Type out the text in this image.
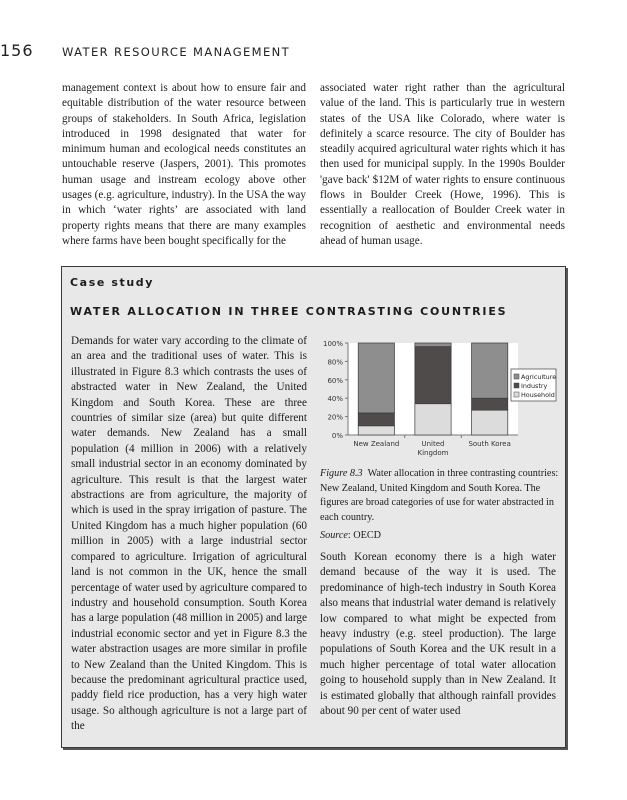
156	WATER RESOURCE MANAGEMENT

management context is about how to ensure fair and equitable distribution of the water resource between groups of stakeholders. In South Africa, legislation introduced in 1998 designated that water for minimum human and ecological needs constitutes an untouchable reserve (Jaspers, 2001). This promotes human usage and instream ecology above other usages (e.g. agriculture, industry). In the USA the way in which ‘water rights’ are associated with land property rights means that there are many examples where farms have been bought specifically for the

associated water right rather than the agricultural value of the land. This is particularly true in western states of the USA like Colorado, where water is definitely a scarce resource. The city of Boulder has steadily acquired agricultural water rights which it has then used for municipal supply. In the 1990s Boulder 'gave back' $12M of water rights to ensure continuous flows in Boulder Creek (Howe, 1996). This is essentially a reallocation of Boulder Creek water in recognition of aesthetic and environmental needs ahead of human usage.

Case study
WATER ALLOCATION IN THREE CONTRASTING COUNTRIES
Demands for water vary according to the climate of an area and the traditional uses of water. This is illustrated in Figure 8.3 which contrasts the uses of abstracted water in New Zealand, the United Kingdom and South Korea. These are three countries of similar size (area) but quite different water demands. New Zealand has a small population (4 million in 2006) with a relatively small industrial sector in an economy dominated by agriculture. This result is that the largest water abstractions are from agriculture, the majority of which is used in the spray irrigation of pasture. The United Kingdom has a much higher population (60 million in 2005) with a large industrial sector compared to agriculture. Irrigation of agricultural land is not common in the UK, hence the small percentage of water used by agriculture compared to industry and household consumption. South Korea has a large population (48 million in 2005) and large industrial economic sector and yet in Figure 8.3 the water abstraction usages are more similar in profile to New Zealand than the United Kingdom. This is because the predominant agricultural practice used, paddy field rice production, has a very high water usage. So although agriculture is not a large part of the
0%
20%
40%
60%
80%
100%
New Zealand	United
Kingdom
South Korea
Agriculture
Industry
Household
Figure 8.3 Water allocation in three contrasting countries: New Zealand, United Kingdom and South Korea. The figures are broad categories of use for water abstracted in each country.
Source: OECD
South Korean economy there is a high water demand because of the way it is used. The predominance of high-tech industry in South Korea also means that industrial water demand is relatively low compared to what might be expected from heavy industry (e.g. steel production). The large populations of South Korea and the UK result in a much higher percentage of total water allocation going to household supply than in New Zealand. It is estimated globally that although rainfall provides about 90 per cent of water used
